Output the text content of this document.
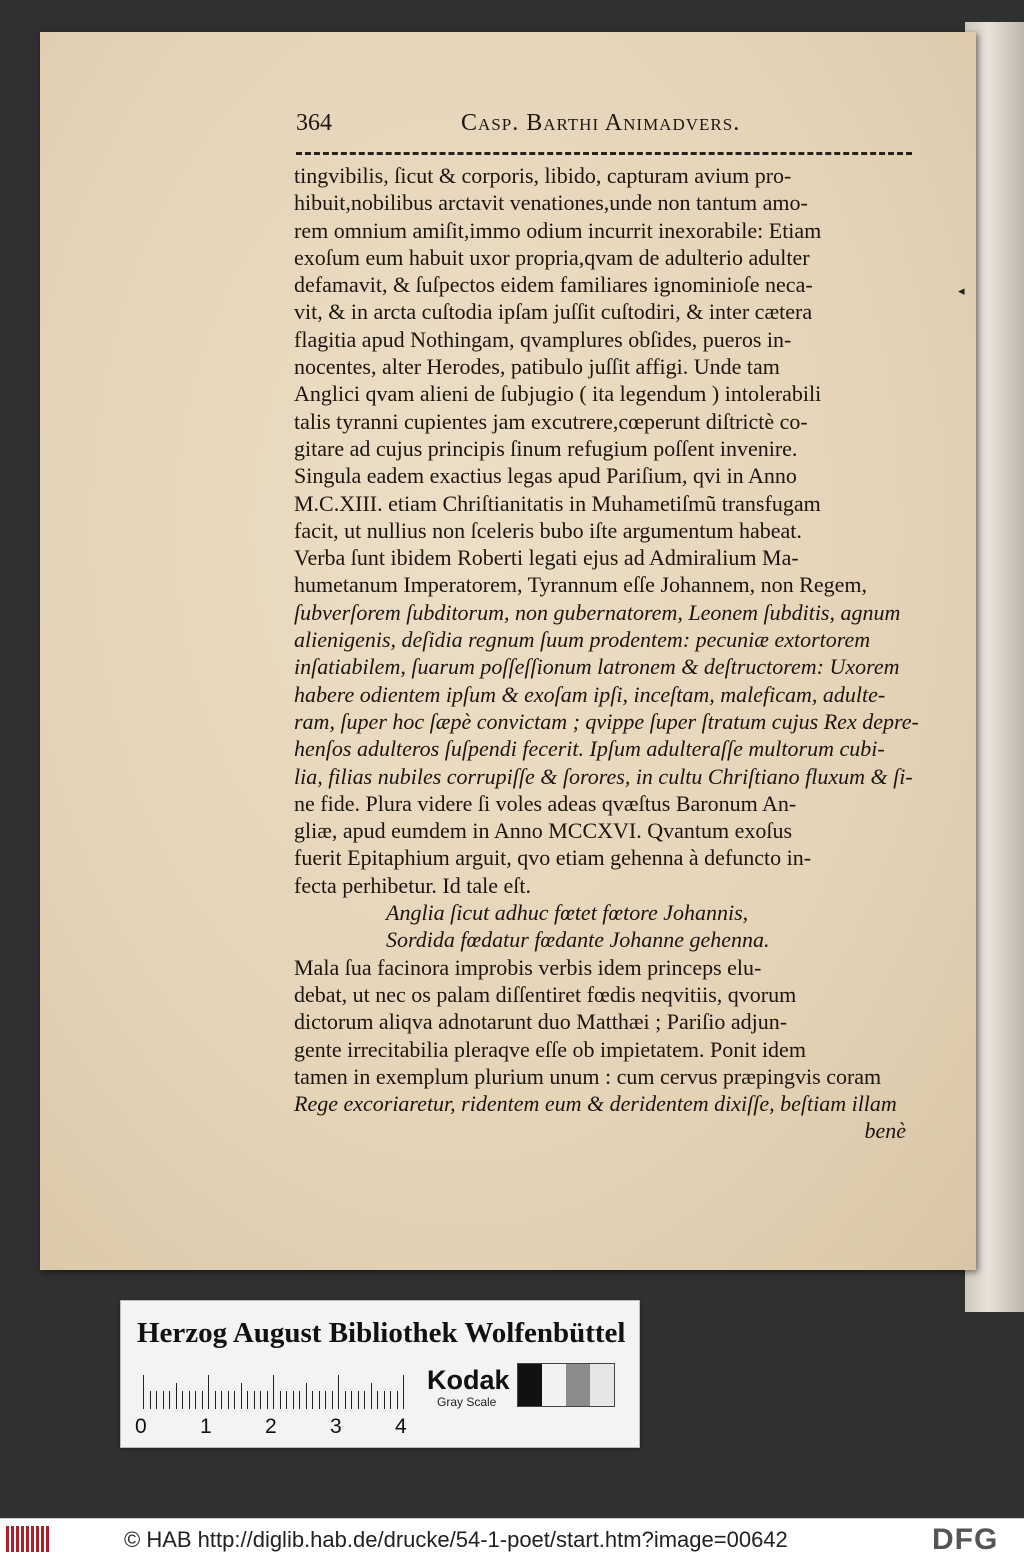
364	Casp. Barthi Animadvers.
◂
tingvibilis, ſicut & corporis, libido, capturam avium pro-
hibuit,nobilibus arctavit venationes,unde non tantum amo-
rem omnium amiſit,immo odium incurrit inexorabile: Etiam
exoſum eum habuit uxor propria,qvam de adulterio adulter
defamavit, & ſuſpectos eidem familiares ignominioſe neca-
vit, & in arcta cuſtodia ipſam juſſit cuſtodiri, & inter cætera
flagitia apud Nothingam, qvamplures obſides, pueros in-
nocentes, alter Herodes, patibulo juſſit affigi. Unde tam
Anglici qvam alieni de ſubjugio ( ita legendum ) intolerabili
talis tyranni cupientes jam excutrere,cœperunt diſtrictè co-
gitare ad cujus principis ſinum refugium poſſent invenire.
Singula eadem exactius legas apud Pariſium, qvi in Anno
M.C.XIII. etiam Chriſtianitatis in Muhametiſmũ transfugam
facit, ut nullius non ſceleris bubo iſte argumentum habeat.
Verba ſunt ibidem Roberti legati ejus ad Admiralium Ma-
humetanum Imperatorem, Tyrannum eſſe Johannem, non Regem,
ſubverſorem ſubditorum, non gubernatorem, Leonem ſubditis, agnum
alienigenis, deſidia regnum ſuum prodentem: pecuniæ extortorem
inſatiabilem, ſuarum poſſeſſionum latronem & deſtructorem: Uxorem
habere odientem ipſum & exoſam ipſi, inceſtam, maleficam, adulte-
ram, ſuper hoc ſæpè convictam ; qvippe ſuper ſtratum cujus Rex depre-
henſos adulteros ſuſpendi fecerit. Ipſum adulteraſſe multorum cubi-
lia, filias nubiles corrupiſſe & ſorores, in cultu Chriſtiano fluxum & ſi-
ne fide. Plura videre ſi voles adeas qvæſtus Baronum An-
gliæ, apud eumdem in Anno MCCXVI. Qvantum exoſus
fuerit Epitaphium arguit, qvo etiam gehenna à defuncto in-
fecta perhibetur. Id tale eſt.
Anglia ſicut adhuc fœtet fœtore Johannis,
Sordida fœdatur fœdante Johanne gehenna.
Mala ſua facinora improbis verbis idem princeps elu-
debat, ut nec os palam diſſentiret fœdis neqvitiis, qvorum
dictorum aliqva adnotarunt duo Matthæi ; Pariſio adjun-
gente irrecitabilia pleraqve eſſe ob impietatem. Ponit idem
tamen in exemplum plurium unum : cum cervus præpingvis coram
Rege excoriaretur, ridentem eum & deridentem dixiſſe, beſtiam illam
benè
Herzog August Bibliothek Wolfenbüttel
0	1	2	3	4
Kodak
Gray Scale
© HAB http://diglib.hab.de/drucke/54-1-poet/start.htm?image=00642	DFG
